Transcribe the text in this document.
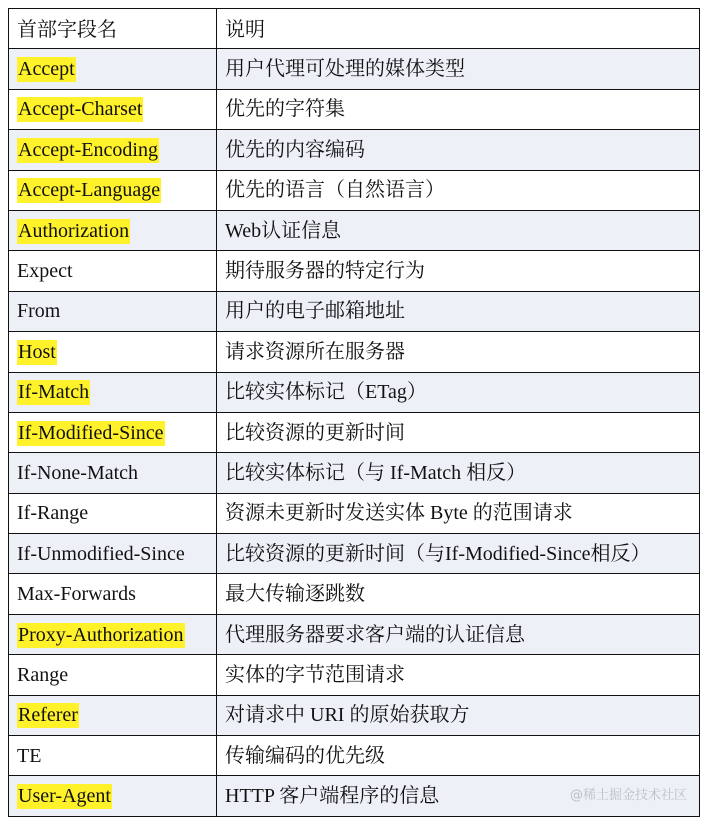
首部字段名	说明
Accept	用户代理可处理的媒体类型
Accept-Charset	优先的字符集
Accept-Encoding	优先的内容编码
Accept-Language	优先的语言（自然语言）
Authorization	Web认证信息
Expect	期待服务器的特定行为
From	用户的电子邮箱地址
Host	请求资源所在服务器
If-Match	比较实体标记（ETag）
If-Modified-Since	比较资源的更新时间
If-None-Match	比较实体标记（与 If-Match 相反）
If-Range	资源未更新时发送实体 Byte 的范围请求
If-Unmodified-Since	比较资源的更新时间（与If-Modified-Since相反）
Max-Forwards	最大传输逐跳数
Proxy-Authorization	代理服务器要求客户端的认证信息
Range	实体的字节范围请求
Referer	对请求中 URI 的原始获取方
TE	传输编码的优先级
User-Agent	HTTP 客户端程序的信息	@稀土掘金技术社区
